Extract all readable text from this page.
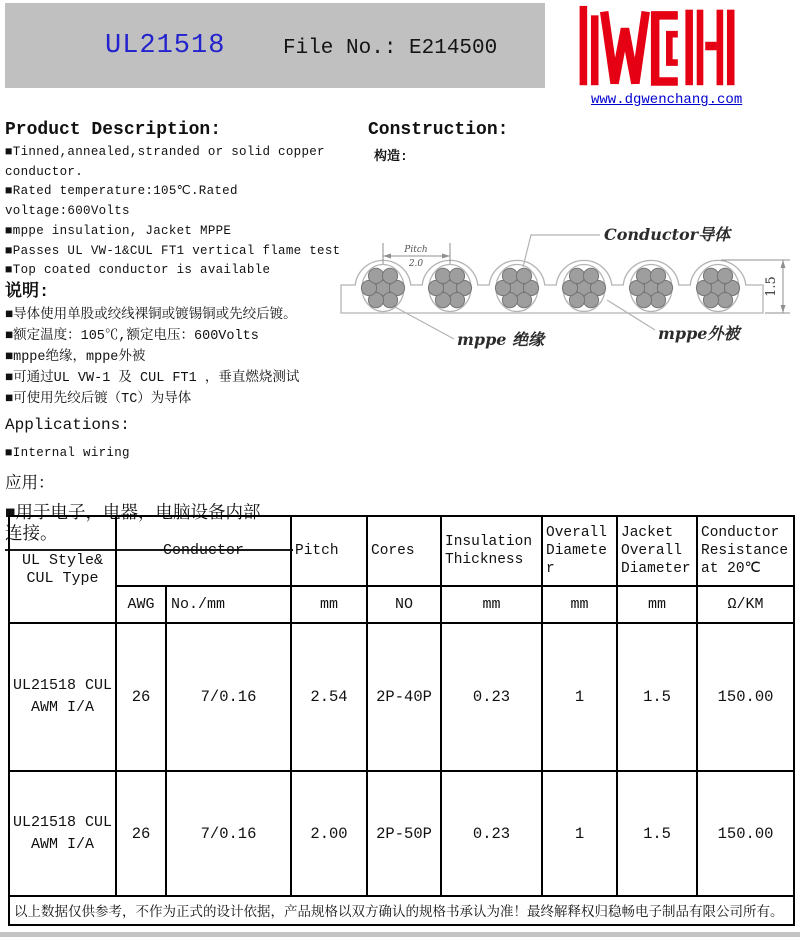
UL21518	File No.: E214500
www.dgwenchang.com
Product Description:
■Tinned,annealed,stranded or solid copper conductor.
■Rated temperature:105℃.Rated voltage:600Volts
■mppe insulation, Jacket MPPE
■Passes UL VW-1&CUL FT1 vertical flame test
■Top coated conductor is available
说明:
■导体使用单股或绞线裸铜或镀锡铜或先绞后镀。
■额定温度：105℃,额定电压：600Volts
■mppe绝缘，mppe外被
■可通过UL VW-1 及 CUL FT1 ，垂直燃烧测试
■可使用先绞后镀（TC）为导体
Applications:
■Internal wiring
应用：
■用于电子，电器，电脑设备内部
连接。
Construction:
构造:
Pitch
2.0
Conductor导体
mppe 绝缘	mppe外被
1.5
UL Style& CUL Type	Conductor		Pitch	Cores	Insulation Thickness	Overall Diameter	Jacket Overall Diameter	Conductor Resistance at 20℃
	AWG	No./mm	mm	NO	mm	mm	mm	Ω/KM
UL21518 CUL AWM I/A	26	7/0.16	2.54	2P-40P	0.23	1	1.5	150.00
UL21518 CUL AWM I/A	26	7/0.16	2.00	2P-50P	0.23	1	1.5	150.00
以上数据仅供参考，不作为正式的设计依据，产品规格以双方确认的规格书承认为准！最终解释权归稳畅电子制品有限公司所有。								
